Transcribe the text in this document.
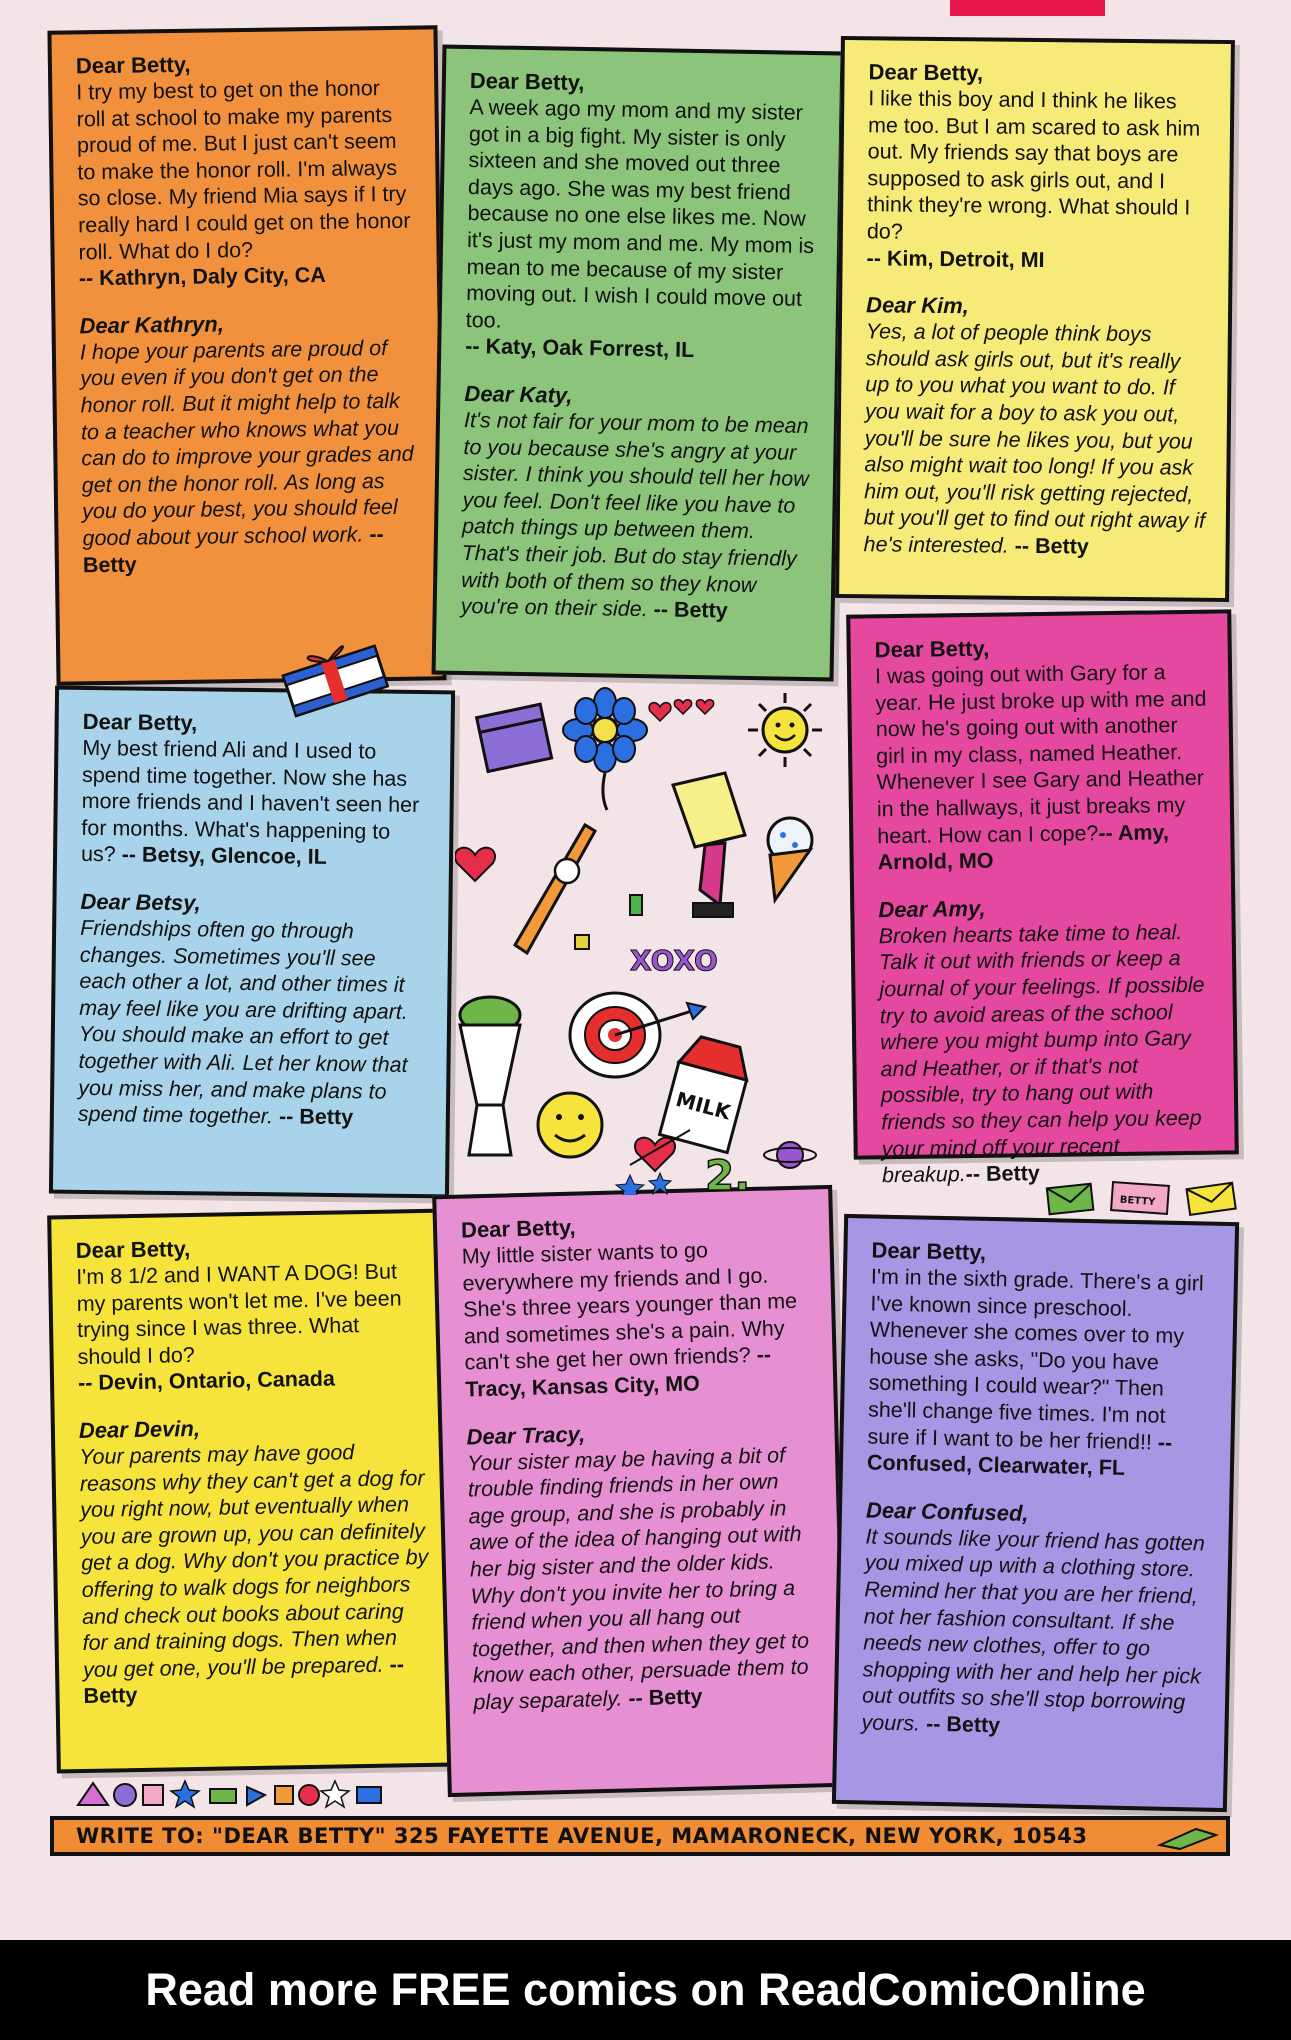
Dear Betty,

I try my best to get on the honor roll at school to make my parents proud of me. But I just can't seem to make the honor roll. I'm always so close. My friend Mia says if I try really hard I could get on the honor roll. What do I do?

-- Kathryn, Daly City, CA

Dear Kathryn,

I hope your parents are proud of you even if you don't get on the honor roll. But it might help to talk to a teacher who knows what you can do to improve your grades and get on the honor roll. As long as you do your best, you should feel good about your school work. -- Betty

Dear Betty,

A week ago my mom and my sister got in a big fight. My sister is only sixteen and she moved out three days ago. She was my best friend because no one else likes me. Now it's just my mom and me. My mom is mean to me because of my sister moving out. I wish I could move out too.

-- Katy, Oak Forrest, IL

Dear Katy,

It's not fair for your mom to be mean to you because she's angry at your sister. I think you should tell her how you feel. Don't feel like you have to patch things up between them. That's their job. But do stay friendly with both of them so they know you're on their side. -- Betty

Dear Betty,

I like this boy and I think he likes me too. But I am scared to ask him out. My friends say that boys are supposed to ask girls out, and I think they're wrong. What should I do?

-- Kim, Detroit, MI

Dear Kim,

Yes, a lot of people think boys should ask girls out, but it's really up to you what you want to do. If you wait for a boy to ask you out, you'll be sure he likes you, but you also might wait too long! If you ask him out, you'll risk getting rejected, but you'll get to find out right away if he's interested. -- Betty

Dear Betty,

My best friend Ali and I used to spend time together. Now she has more friends and I haven't seen her for months. What's happening to us? -- Betsy, Glencoe, IL

Dear Betsy,

Friendships often go through changes. Sometimes you'll see each other a lot, and other times it may feel like you are drifting apart. You should make an effort to get together with Ali. Let her know that you miss her, and make plans to spend time together. -- Betty

Dear Betty,

I was going out with Gary for a year. He just broke up with me and now he's going out with another girl in my class, named Heather. Whenever I see Gary and Heather in the hallways, it just breaks my heart. How can I cope?-- Amy, Arnold, MO

Dear Amy,

Broken hearts take time to heal. Talk it out with friends or keep a journal of your feelings. If possible try to avoid areas of the school where you might bump into Gary and Heather, or if that's not possible, try to hang out with friends so they can help you keep your mind off your recent breakup.-- Betty

Dear Betty,

I'm 8 1/2 and I WANT A DOG! But my parents won't let me. I've been trying since I was three. What should I do?

-- Devin, Ontario, Canada

Dear Devin,

Your parents may have good reasons why they can't get a dog for you right now, but eventually when you are grown up, you can definitely get a dog. Why don't you practice by offering to walk dogs for neighbors and check out books about caring for and training dogs. Then when you get one, you'll be prepared. -- Betty

Dear Betty,

My little sister wants to go everywhere my friends and I go. She's three years younger than me and sometimes she's a pain. Why can't she get her own friends? -- Tracy, Kansas City, MO

Dear Tracy,

Your sister may be having a bit of trouble finding friends in her own age group, and she is probably in awe of the idea of hanging out with her big sister and the older kids. Why don't you invite her to bring a friend when you all hang out together, and then when they get to know each other, persuade them to play separately. -- Betty

Dear Betty,

I'm in the sixth grade. There's a girl I've known since preschool. Whenever she comes over to my house she asks, "Do you have something I could wear?" Then she'll change five times. I'm not sure if I want to be her friend!! -- Confused, Clearwater, FL

Dear Confused,

It sounds like your friend has gotten you mixed up with a clothing store. Remind her that you are her friend, not her fashion consultant. If she needs new clothes, offer to go shopping with her and help her pick out outfits so she'll stop borrowing yours. -- Betty

XOXO
MILK
2.
BETTY
WRITE TO: "DEAR BETTY" 325 FAYETTE AVENUE, MAMARONECK, NEW YORK, 10543
Read more FREE comics on ReadComicOnline
